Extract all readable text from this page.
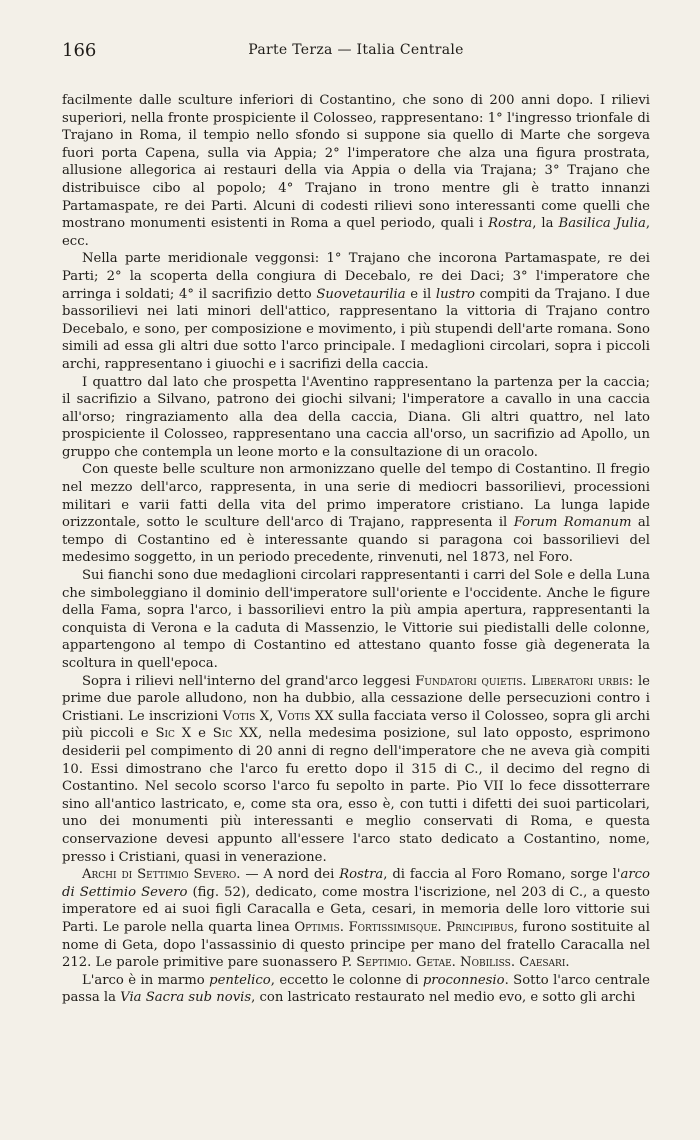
166	Parte Terza — Italia Centrale

facilmente dalle sculture inferiori di Costantino, che sono di 200 anni dopo. I rilievi superiori, nella fronte prospiciente il Colosseo, rappresentano: 1° l'ingresso trionfale di Trajano in Roma, il tempio nello sfondo si suppone sia quello di Marte che sorgeva fuori porta Capena, sulla via Appia; 2° l'imperatore che alza una figura prostrata, allusione allegorica ai restauri della via Appia o della via Trajana; 3° Trajano che distribuisce cibo al popolo; 4° Trajano in trono mentre gli è tratto innanzi Partamaspate, re dei Parti. Alcuni di codesti rilievi sono interessanti come quelli che mostrano monumenti esistenti in Roma a quel periodo, quali i Rostra, la Basilica Julia, ecc.

Nella parte meridionale veggonsi: 1° Trajano che incorona Partamaspate, re dei Parti; 2° la scoperta della congiura di Decebalo, re dei Daci; 3° l'imperatore che arringa i soldati; 4° il sacrifizio detto Suovetaurilia e il lustro compiti da Trajano. I due bassorilievi nei lati minori dell'attico, rappresentano la vittoria di Trajano contro Decebalo, e sono, per composizione e movimento, i più stupendi dell'arte romana. Sono simili ad essa gli altri due sotto l'arco principale. I medaglioni circolari, sopra i piccoli archi, rappresentano i giuochi e i sacrifizi della caccia.

I quattro dal lato che prospetta l'Aventino rappresentano la partenza per la caccia; il sacrifizio a Silvano, patrono dei giochi silvani; l'imperatore a cavallo in una caccia all'orso; ringraziamento alla dea della caccia, Diana. Gli altri quattro, nel lato prospiciente il Colosseo, rappresentano una caccia all'orso, un sacrifizio ad Apollo, un gruppo che contempla un leone morto e la consultazione di un oracolo.

Con queste belle sculture non armonizzano quelle del tempo di Costantino. Il fregio nel mezzo dell'arco, rappresenta, in una serie di mediocri bassorilievi, processioni militari e varii fatti della vita del primo imperatore cristiano. La lunga lapide orizzontale, sotto le sculture dell'arco di Trajano, rappresenta il Forum Romanum al tempo di Costantino ed è interessante quando si paragona coi bassorilievi del medesimo soggetto, in un periodo precedente, rinvenuti, nel 1873, nel Foro.

Sui fianchi sono due medaglioni circolari rappresentanti i carri del Sole e della Luna che simboleggiano il dominio dell'imperatore sull'oriente e l'occidente. Anche le figure della Fama, sopra l'arco, i bassorilievi entro la più ampia apertura, rappresentanti la conquista di Verona e la caduta di Massenzio, le Vittorie sui piedistalli delle colonne, appartengono al tempo di Costantino ed attestano quanto fosse già degenerata la scoltura in quell'epoca.

Sopra i rilievi nell'interno del grand'arco leggesi Fundatori quietis. Liberatori urbis: le prime due parole alludono, non ha dubbio, alla cessazione delle persecuzioni contro i Cristiani. Le inscrizioni Votis X, Votis XX sulla facciata verso il Colosseo, sopra gli archi più piccoli e Sic X e Sic XX, nella medesima posizione, sul lato opposto, esprimono desiderii pel compimento di 20 anni di regno dell'imperatore che ne aveva già compiti 10. Essi dimostrano che l'arco fu eretto dopo il 315 di C., il decimo del regno di Costantino. Nel secolo scorso l'arco fu sepolto in parte. Pio VII lo fece dissotterrare sino all'antico lastricato, e, come sta ora, esso è, con tutti i difetti dei suoi particolari, uno dei monumenti più interessanti e meglio conservati di Roma, e questa conservazione devesi appunto all'essere l'arco stato dedicato a Costantino, nome, presso i Cristiani, quasi in venerazione.

Archi di Settimio Severo. — A nord dei Rostra, di faccia al Foro Romano, sorge l'arco di Settimio Severo (fig. 52), dedicato, come mostra l'iscrizione, nel 203 di C., a questo imperatore ed ai suoi figli Caracalla e Geta, cesari, in memoria delle loro vittorie sui Parti. Le parole nella quarta linea Optimis. Fortissimisque. Principibus, furono sostituite al nome di Geta, dopo l'assassinio di questo principe per mano del fratello Caracalla nel 212. Le parole primitive pare suonassero P. Septimio. Getae. Nobiliss. Caesari.

L'arco è in marmo pentelico, eccetto le colonne di proconnesio. Sotto l'arco centrale passa la Via Sacra sub novis, con lastricato restaurato nel medio evo, e sotto gli archi
